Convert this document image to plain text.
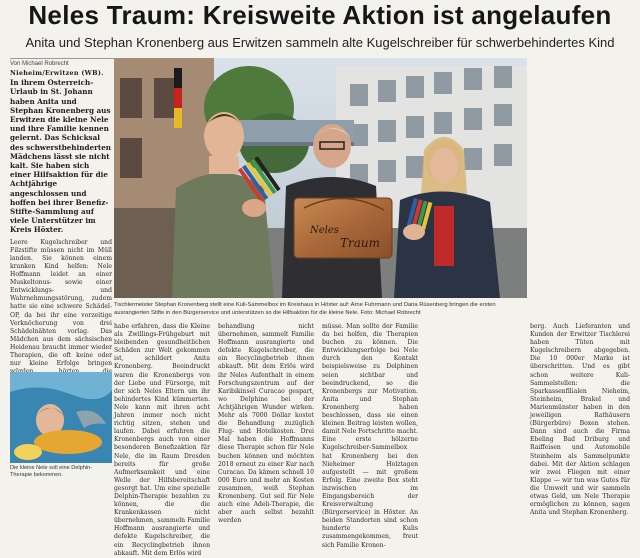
Neles Traum: Kreisweite Aktion ist angelaufen
Anita und Stephan Kronenberg aus Erwitzen sammeln alte Kugelschreiber für schwerbehindertes Kind
Von Michael Robrecht

Nieheim/Erwitzen (WB). In ihrem Osterreich-Urlaub in St. Johann haben Anita und Stephan Kronenberg aus Erwitzen die kleine Nele und ihre Familie kennen gelernt. Das Schicksal des schwerstbehinderten Mädchens lässt sie nicht kalt. Sie haben sich einer Hilfsaktion für die Achtjährige angeschlossen und hoffen bei ihrer Benefiz-Stifte-Sammlung auf viele Unterstützer im Kreis Höxter.

Leere Kugelschreiber und Filzstifte müssen nicht im Müll landen. Sie können einem kranken Kind helfen: Nele Hoffmann leidet an einer Muskeltonus- sowie einer Entwicklungs- und Wahrnehmungsstörung, zudem hatte sie eine schwere Schädel-OP, da bei ihr eine vorzeitige Verknöcherung von drei Schädelnähten vorlag. Das Mädchen aus dem sächsischen Heidenau braucht immer wieder Therapien, die oft keine oder nur kleine Erfolge bringen

Neles
Traum
Tischlermeister Stephan Kronenberg stellt eine Kuli-Sammelbox im Kreishaus in Höxter auf: Arne Fuhrmann und Daria Rüsenberg bringen die ersten ausrangierten Stifte in den Bürgerservice und unterstützen so die Hilfsaktion für die kleine Nele. Foto: Michael Robrecht

habe erfahren, dass die Kleine als Zwillings-Frühgeburt mit bleibenden gesundheitlichen Schäden zur Welt gekommen ist, schildert Anita Kronenberg. Beeindruckt waren die Kronenbergs von der Liebe und Fürsorge, mit der sich Neles Eltern um ihr behindertes Kind kümmerten. Nele kann mit ihren acht Jahren immer noch nicht richtig sitzen, stehen und laufen. Dabei erfuhren die Kronenbergs auch von einer besonderen Benefizaktion für Nele, die im Raum Dresden bereits für große Aufmerksamkeit und eine Welle der Hilfsbereitschaft gesorgt hat. Um eine spezielle Delphin-Therapie bezahlen zu können, die die Krankenkassen nicht übernehmen, sammeln Familie Hoffmann ausrangierte und defekte Kugelschreiber, die ein Recyclingbetrieb ihnen abkauft. Mit dem Erlös wird

behandlung nicht übernehmen, sammelt Familie Hoffmann ausrangierte und defekte Kugelschreiber, die ein Recyclingbetrieb ihnen abkauft. Mit dem Erlös wird ihr Neles Aufenthalt in einem Forschungszentrum auf der Karibikinsel Curacao gespart, wo Delphine bei der Achtjährigen Wunder wirken. Mehr als 7000 Dollar kostet die Behandlung zuzüglich Flug- und Hotelkosten. Drei Mal haben die Hoffmanns diese Therapie schon für Nele buchen können und möchten 2018 erneut zu einer Kur nach Curacao. Da kämen schnell 10 000 Euro und mehr an Kosten zusammen, weiß Stephan Kronenberg. Gut seil für Nele auch eine Adeli-Therapie, die aber auch selbst bezahlt werden

müsse. Man sollte der Familie da bei helfen, die Therapien buchen zu können. Die Entwicklungserfolge bei Nele durch den Kontakt beispielsweise zu Delphinen seien sichtbar und beeindruckend, so die Kronenbergs zur Motivation. Anita und Stephan Kronenberg haben beschlossen, dass sie einen kleinen Beitrag leisten wollen, damit Nele Fortschritte macht. Eine erste hölzerne Kugelschreiber-Sammelbox hat Kronenberg bei den Nieheimer Holztagen aufgestellt — mit großem Erfolg. Eine zweite Box steht inzwischen im Eingangsbereich der Kreisverwaltung (Bürgerservice) in Höxter. An beiden Standorten sind schon hunderte Kulis zusammengekommen, freut sich Familie Kronen-

berg. Auch Lieferanten und Kunden der Erwitzer Tischlerei haben Tüten mit Kugelschreibern abgegeben. Die 10 000er Marke ist überschritten. Und es gibt schon weitere Kuli-Sammelstellen: die Sparkassenfilialen Nieheim, Steinheim, Brakel und Marienmünster haben in den jeweiligen Rathäusern (Bürgerbüro) Boxen stehen. Dann sind auch die Firma Ebeling Bad Driburg und Raiffeisen und Automobile Steinheim als Sammelpunkte dabei. Mit der Aktion schlagen wir zwei Fliegen mit einer Klappe — wir tun was Gutes für die Umwelt und wir sammeln etwas Geld, um Nele Therapie ermöglichen zu können, sagen Anita und Stephan Kronenberg.

Die kleine Nele soll eine Delphin-Therapie bekommen.
